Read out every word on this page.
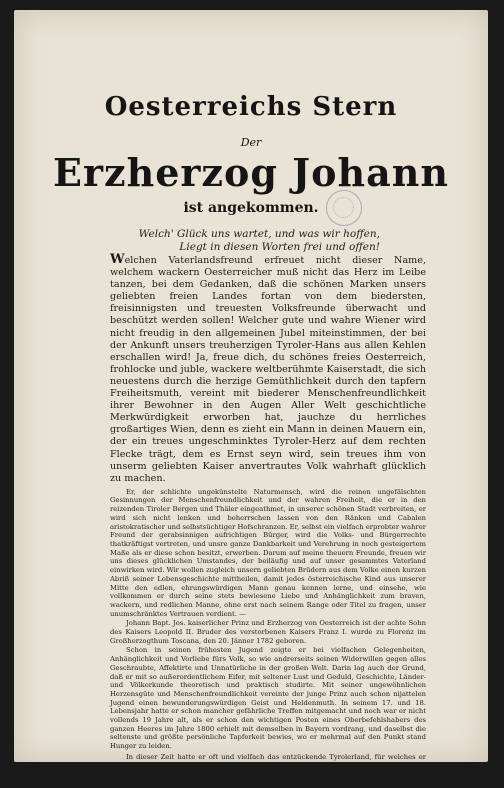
Oesterreichs Stern
Der
Erzherzog Johann
ist angekommen.
Welch' Glück uns wartet, und was wir hoffen,
Liegt in diesen Worten frei und offen!

Welchen Vaterlandsfreund erfreuet nicht dieser Name, welchem wackern Oesterreicher muß nicht das Herz im Leibe tanzen, bei dem Gedanken, daß die schönen Marken unsers geliebten freien Landes fortan von dem biedersten, freisinnigsten und treuesten Volksfreunde überwacht und beschützt werden sollen! Welcher gute und wahre Wiener wird nicht freudig in den allgemeinen Jubel miteinstimmen, der bei der Ankunft unsers treuherzigen Tyroler-Hans aus allen Kehlen erschallen wird! Ja, freue dich, du schönes freies Oesterreich, frohlocke und juble, wackere weltberühmte Kaiserstadt, die sich neuestens durch die herzige Gemüthlichkeit durch den tapfern Freiheitsmuth, vereint mit biederer Menschenfreundlichkeit ihrer Bewohner in den Augen Aller Welt geschichtliche Merkwürdigkeit erworben hat, jauchze du herrliches großartiges Wien, denn es zieht ein Mann in deinen Mauern ein, der ein treues ungeschminktes Tyroler-Herz auf dem rechten Flecke trägt, dem es Ernst seyn wird, sein treues ihm von unserm geliebten Kaiser anvertrautes Volk wahrhaft glücklich zu machen.

Er, der schlichte ungekünstelte Naturmensch, wird die reinen ungefälschten Gesinnungen der Menschenfreundlichkeit und der wahren Freiheit, die er in den reizenden Tiroler Bergen und Thäler eingeathmet, in unserer schönen Stadt verbreiten, er wird sich nicht lenken und beherrschen lassen von den Ränken und Cabalen aristokratischer und selbstsüchtiger Hofschranzen. Er, selbst ein vielfach erprobter wahrer Freund der gerabsinnigen aufrichtigen Bürger, wird die Volks- und Bürgerrechte thatkräftigst vertreten, und unsre ganze Dankbarkeit und Verehrung in noch gesteigertem Maße als er diese schon besitzt, erwerben. Darum auf meine theuern Freunde, freuen wir uns dieses glücklichen Umstandes, der beiläufig und auf unser gesammtes Vaterland einwirken wird. Wir wollen zugleich unsern geliebten Brüdern aus dem Volke einen kurzen Abriß seiner Lebensgeschichte mittheilen, damit jedes österreichische Kind aus unserer Mitte den edlen, ehrungswürdigen Mann genau kennen lerne, und einsehe, wie vollkommen er durch seine stets bewiesene Liebe und Anhänglichkeit zum braven, wackern, und redlichen Manne, ohne erst nach seinem Range oder Titel zu fragen, unser unumschränktes Vertrauen verdient. —

Johann Bapt. Jos. kaiserlicher Prinz und Erzherzog von Oesterreich ist der achte Sohn des Kaisers Leopold II. Bruder des verstorbenen Kaisers Franz I. wurde zu Florenz im Großherzogthum Toscana, den 20. Jänner 1782 geboren.

Schon in seinen frühesten Jugend zeigte er bei vielfachen Gelegenheiten, Anhänglichkeit und Vorliebe fürs Volk, so wie andrerseits seinen Widerwillen gegen alles Geschraubte, Affektirte und Unnatürliche in der großen Welt. Darin lag auch der Grund, daß er mit so außerordentlichem Eifer, mit seltener Lust und Geduld, Geschichte, Länder- und Völkerkunde theoretisch und praktisch studirte. Mit seiner ungewöhnlichen Herzensgüte und Menschenfreundlichkeit vereinte der junge Prinz auch schon nijattelen Jugend einen bewunderungswürdigen Geist und Heldenmuth. In seinem 17. und 18. Lebensjahr hatte er schon mancher gefährliche Treffen mitgemacht und noch war er nicht vollends 19 Jahre alt, als er schon den wichtigen Posten eines Oberbefehlshabers des ganzen Heeres im Jahre 1800 erhielt mit demselben in Bayern vordrang, und daselbst die seltenste und größte persönliche Tapferkeit bewies, wo er mehrmal auf den Punkt stand Hunger zu leiden.

In dieser Zeit hatte er oft und vielfach das entzückende Tyrolerland, für welches er mit aufopfernder Liebe und Hingebung eingenommen war, nach allen Richtungen bereist, wobei er sich jederzeit mit väterlicher Fürsorge für die gemüthlichen Tyroler annahm, und trefflich und
